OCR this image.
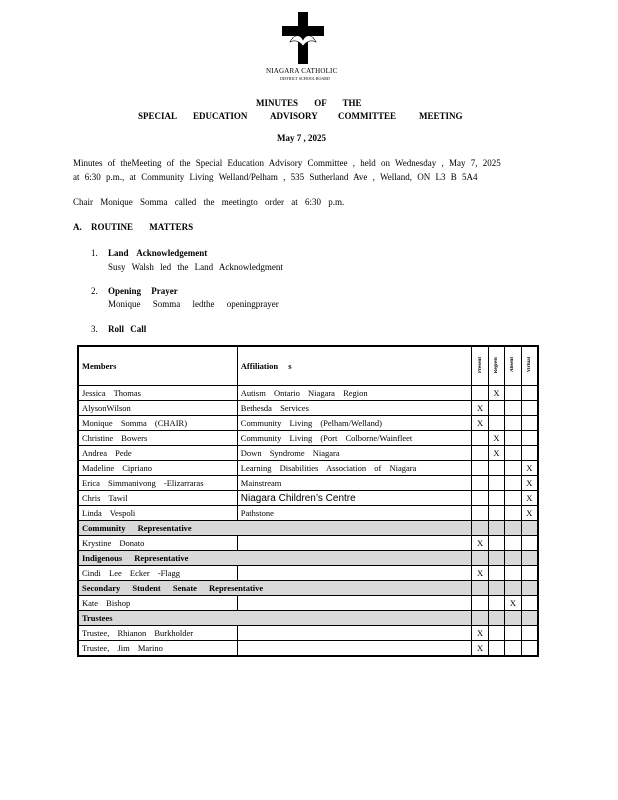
NIAGARA CATHOLIC
DISTRICT SCHOOL BOARD
MINUTES OF THE
SPECIAL EDUCATION	ADVISORY COMMITTEE	MEETING
May 7 , 2025
Minutes of theMeeting of the Special Education Advisory Committee , held on Wednesday , May 7, 2025
at 6:30 p.m., at Community Living Welland/Pelham , 535 Sutherland Ave , Welland, ON L3 B 5A4
Chair Monique Somma called the meetingto order at 6:30 p.m.
A. ROUTINE MATTERS
1. Land Acknowledgement
Susy Walsh led the Land Acknowledgment
2. Opening Prayer
Monique Somma ledthe openingprayer
3. Roll Call
Members	Affiliation s	Present	Regrets	Absent	Virtual
Jessica Thomas	Autism Ontario Niagara Region		X		
AlysonWilson	Bethesda Services	X			
Monique Somma (CHAIR)	Community Living (Pelham/Welland)	X			
Christine Bowers	Community Living (Port Colborne/Wainfleet		X		
Andrea Pede	Down Syndrome Niagara		X		
Madeline Cipriano	Learning Disabilities Association of Niagara				X
Erica Simmanivong -Elizarraras	Mainstream				X
Chris Tawil	Niagara Children’s Centre				X
Linda Vespoli	Pathstone				X
Community Representative					
Krystine Donato		X			
Indigenous Representative					
Cindi Lee Ecker -Flagg		X			
Secondary Student Senate Representative					
Kate Bishop				X	
Trustees					
Trustee, Rhianon Burkholder		X			
Trustee, Jim Marino		X			
